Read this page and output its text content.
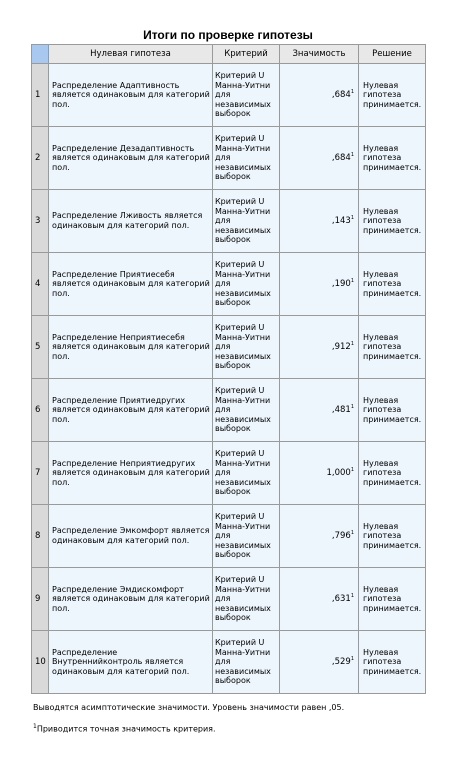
Итоги по проверке гипотезы
	Нулевая гипотеза	Критерий	Значимость	Решение
1	Распределение Адаптивность является одинаковым для категорий пол.	Критерий U Манна-Уитни для независимых выборок	,684$^1$	Нулевая гипотеза принимается.
2	Распределение Дезадаптивность является одинаковым для категорий пол.	Критерий U Манна-Уитни для независимых выборок	,684$^1$	Нулевая гипотеза принимается.
3	Распределение Лживость является одинаковым для категорий пол.	Критерий U Манна-Уитни для независимых выборок	,143$^1$	Нулевая гипотеза принимается.
4	Распределение Приятиесебя является одинаковым для категорий пол.	Критерий U Манна-Уитни для независимых выборок	,190$^1$	Нулевая гипотеза принимается.
5	Распределение Неприятиесебя является одинаковым для категорий пол.	Критерий U Манна-Уитни для независимых выборок	,912$^1$	Нулевая гипотеза принимается.
6	Распределение Приятиедругих является одинаковым для категорий пол.	Критерий U Манна-Уитни для независимых выборок	,481$^1$	Нулевая гипотеза принимается.
7	Распределение Неприятиедругих является одинаковым для категорий пол.	Критерий U Манна-Уитни для независимых выборок	1,000$^1$	Нулевая гипотеза принимается.
8	Распределение Эмкомфорт является одинаковым для категорий пол.	Критерий U Манна-Уитни для независимых выборок	,796$^1$	Нулевая гипотеза принимается.
9	Распределение Эмдискомфорт является одинаковым для категорий пол.	Критерий U Манна-Уитни для независимых выборок	,631$^1$	Нулевая гипотеза принимается.
10	Распределение Внутреннийконтроль является одинаковым для категорий пол.	Критерий U Манна-Уитни для независимых выборок	,529$^1$	Нулевая гипотеза принимается.
Выводятся асимптотические значимости. Уровень значимости равен ,05.
$^1$Приводится точная значимость критерия.
